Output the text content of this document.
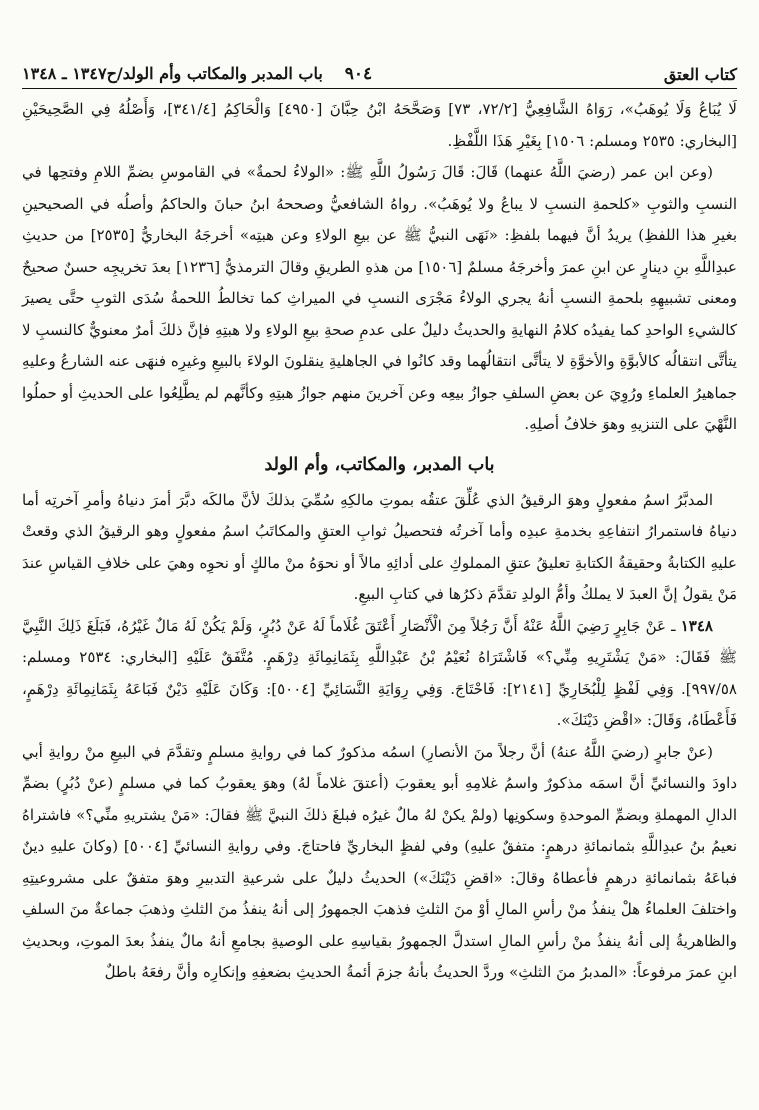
كتاب العتق
٩٠٤
باب المدبر والمكاتب وأم الولد/ح١٣٤٧ ـ ١٣٤٨

لَا يُبَاعُ وَلَا يُوهَبُ»، رَوَاهُ الشَّافِعِيُّ [٧٢/٢، ٧٣] وَصَحَّحَهُ ابْنُ حِبَّانَ [٤٩٥٠] وَالْحَاكِمُ [٣٤١/٤]، وَأَصْلُهُ فِي الصَّحِيحَيْنِ [البخاري: ٢٥٣٥ ومسلم: ١٥٠٦] بِغَيْرِ هَذَا اللَّفْظِ.

(وعن ابن عمر (رضيَ اللَّهُ عنهما) قَالَ: قَالَ رَسُولُ اللَّهِ ﷺ: «الولاءُ لحمةٌ» في القاموسِ بضمِّ اللامِ وفتحِها في النسبِ والثوبِ «كلحمةِ النسبِ لا يباعُ ولا يُوهَبُ». رواهُ الشافعيُّ وصححهُ ابنُ حبانَ والحاكمُ وأصلُه في الصحيحينِ بغيرِ هذا اللفظِ) يريدُ أنَّ فيهما بلفظِ: «نَهَى النبيُّ ﷺ عن بيعِ الولاءِ وعن هبتِه» أخرجَهُ البخاريُّ [٢٥٣٥] من حديثِ عبدِاللَّهِ بنِ دينارٍ عن ابنِ عمرَ وأخرجَهُ مسلمٌ [١٥٠٦] من هذهِ الطريقِ وقالَ الترمذيُّ [١٢٣٦] بعدَ تخريجِه حسنٌ صحيحٌ ومعنى تشبيهِهِ بلحمةِ النسبِ أنهُ يجري الولاءُ مَجْرَى النسبِ في الميراثِ كما تخالطُ اللحمةُ سُدَى الثوبِ حتَّى يصيرَ كالشيءِ الواحدِ كما يفيدُه كلامُ النهايةِ والحديثُ دليلٌ على عدمِ صحةِ بيعِ الولاءِ ولا هبتِهِ فإنَّ ذلكَ أمرٌ معنويٌّ كالنسبِ لا يتأتَّى انتقالُه كالأبوَّةِ والأخوَّةِ لا يتأتَّى انتقالُهما وقد كانُوا في الجاهليةِ ينقلونَ الولاءَ بالبيعِ وغيرِه فنهَى عنه الشارعُ وعليهِ جماهيرُ العلماءِ ورُوِيَ عن بعضِ السلفِ جوازُ بيعِه وعن آخرينَ منهم جوازُ هبتِهِ وكأنَّهم لم يطَّلِعُوا على الحديثِ أو حملُوا النَّهْيَ على التنزيهِ وهوَ خلافُ أصلِهِ.

باب المدبر، والمكاتب، وأم الولد

المدبَّرُ اسمُ مفعولٍ وهوَ الرقيقُ الذي عُلِّقَ عتقُه بموتِ مالكِهِ سُمِّيَ بذلكَ لأنَّ مالكَه دبَّرَ أمرَ دنياهُ وأمرِ آخرتِه أما دنياهُ فاستمرارُ انتفاعِهِ بخدمةِ عبدِه وأما آخرتُه فتحصيلُ ثوابِ العتقِ والمكاتَبُ اسمُ مفعولٍ وهو الرقيقُ الذي وقعتْ عليهِ الكتابةُ وحقيقةُ الكتابةِ تعليقُ عتقِ المملوكِ على أدائِهِ مالاً أو نحوَهُ منْ مالكٍ أو نحوِه وهيَ على خلافِ القياسِ عندَ مَنْ يقولُ إنَّ العبدَ لا يملكُ وأمُّ الولدِ تقدَّمَ ذكرُها في كتابِ البيعِ.

١٣٤٨ ـ عَنْ جَابِرٍ رَضِيَ اللَّهُ عَنْهُ أَنَّ رَجُلاً مِنَ الْأَنْصَارِ أَعْتَقَ غُلَاماً لَهُ عَنْ دُبُرٍ، وَلَمْ يَكُنْ لَهُ مَالٌ غَيْرُهُ، فَبَلَغَ ذَلِكَ النَّبِيَّ ﷺ فَقَالَ: «مَنْ يَشْتَرِيهِ مِنِّي؟» فَاشْتَرَاهُ نُعَيْمُ بْنُ عَبْدِاللَّهِ بِثَمَانِمِائَةِ دِرْهَمٍ. مُتَّفَقٌ عَلَيْهِ [البخاري: ٢٥٣٤ ومسلم: ٩٩٧/٥٨]. وَفِي لَفْظٍ لِلْبُخَارِيِّ [٢١٤١]: فَاحْتَاجَ. وَفِي رِوَايَةِ النَّسَائِيِّ [٥٠٠٤]: وَكَانَ عَلَيْهِ دَيْنٌ فَبَاعَهُ بِثَمَانِمِائَةِ دِرْهَمٍ، فَأَعْطَاهُ، وَقَالَ: «اقْضِ دَيْنَكَ».

(عنْ جابرٍ (رضيَ اللَّهُ عنهُ) أنَّ رجلاً منَ الأنصارِ) اسمُه مذكورٌ كما في روايةِ مسلمٍ وتقدَّمَ في البيعِ منْ روايةِ أبي داودَ والنسائيِّ أنَّ اسمَه مذكورٌ واسمُ غلامِهِ أبو يعقوبَ (أعتقَ غلاماً لهُ) وهوَ يعقوبُ كما في مسلمٍ (عنْ دُبُرٍ) بضمِّ الدالِ المهملةِ وبضمِّ الموحدةِ وسكونِها (ولمْ يكنْ لهُ مالٌ غيرُه فبلغَ ذلكَ النبيَّ ﷺ فقالَ: «مَنْ يشتريهِ منِّي؟» فاشتراهُ نعيمُ بنُ عبدِاللَّهِ بثمانمائةِ درهمٍ: متفقٌ عليهِ) وفي لفظٍ البخاريِّ فاحتاجَ. وفي روايةِ النسائيِّ [٥٠٠٤] (وكانَ عليهِ دينٌ فباعَهُ بثمانمائةِ درهمٍ فأعطاهُ وقالَ: «اقضِ دَيْنَكَ») الحديثُ دليلٌ على شرعيةِ التدبيرِ وهوَ متفقٌ على مشروعيتِهِ واختلفَ العلماءُ هلْ ينفذُ منْ رأسِ المالِ أوْ منَ الثلثِ فذهبَ الجمهورُ إلى أنهُ ينفذُ منَ الثلثِ وذهبَ جماعةٌ منَ السلفِ والظاهريةُ إلى أنهُ ينفذُ منْ رأسِ المالِ استدلَّ الجمهورُ بقياسِهِ على الوصيةِ بجامعِ أنهُ مالٌ ينفذُ بعدَ الموتِ، وبحديثِ ابنِ عمرَ مرفوعاً: «المدبرُ منَ الثلثِ» وردَّ الحديثُ بأنهُ جزمَ أئمةُ الحديثِ بضعفِهِ وإنكارِه وأنَّ رفعَهُ باطلٌ
